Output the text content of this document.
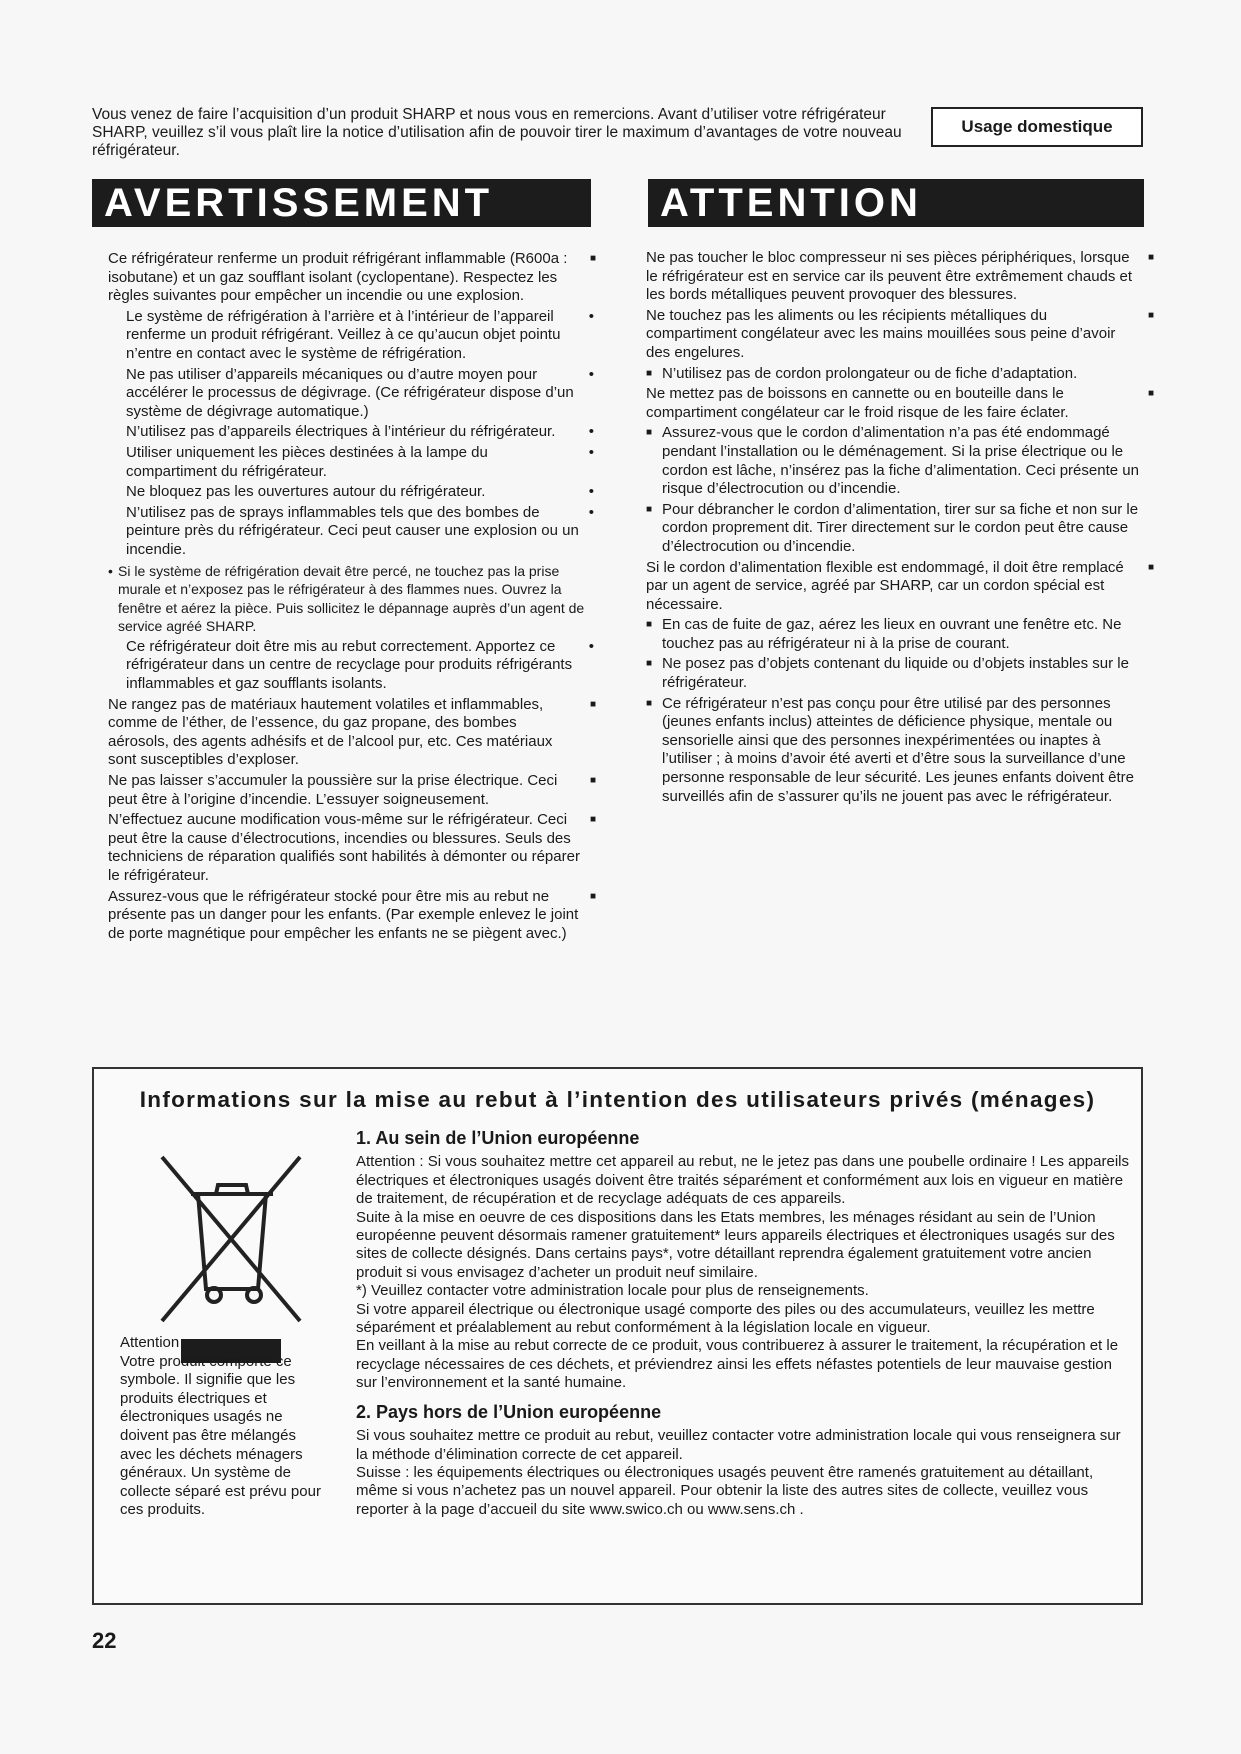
Vous venez de faire l’acquisition d’un produit SHARP et nous vous en remercions. Avant d’utiliser votre réfrigérateur SHARP, veuillez s’il vous plaît lire la notice d’utilisation afin de pouvoir tirer le maximum d’avantages de votre nouveau réfrigérateur.
Usage domestique
AVERTISSEMENT	ATTENTION
Ce réfrigérateur renferme un produit réfrigérant inflammable (R600a : isobutane) et un gaz soufflant isolant (cyclopentane). Respectez les règles suivantes pour empêcher un incendie ou une explosion. ■
Le système de réfrigération à l’arrière et à l’intérieur de l’appareil renferme un produit réfrigérant. Veillez à ce qu’aucun objet pointu n’entre en contact avec le système de réfrigération. •
Ne pas utiliser d’appareils mécaniques ou d’autre moyen pour accélérer le processus de dégivrage. (Ce réfrigérateur dispose d’un système de dégivrage automatique.) •
N’utilisez pas d’appareils électriques à l’intérieur du réfrigérateur. •
Utiliser uniquement les pièces destinées à la lampe du compartiment du réfrigérateur. •
Ne bloquez pas les ouvertures autour du réfrigérateur. •
N’utilisez pas de sprays inflammables tels que des bombes de peinture près du réfrigérateur. Ceci peut causer une explosion ou un incendie. •
• Si le système de réfrigération devait être percé, ne touchez pas la prise murale et n’exposez pas le réfrigérateur à des flammes nues. Ouvrez la fenêtre et aérez la pièce. Puis sollicitez le dépannage auprès d’un agent de service agréé SHARP.
Ce réfrigérateur doit être mis au rebut correctement. Apportez ce réfrigérateur dans un centre de recyclage pour produits réfrigérants inflammables et gaz soufflants isolants. •
Ne rangez pas de matériaux hautement volatiles et inflammables, comme de l’éther, de l’essence, du gaz propane, des bombes aérosols, des agents adhésifs et de l’alcool pur, etc. Ces matériaux sont susceptibles d’exploser. ■
Ne pas laisser s’accumuler la poussière sur la prise électrique. Ceci peut être à l’origine d’incendie. L’essuyer soigneusement. ■
N’effectuez aucune modification vous-même sur le réfrigérateur. Ceci peut être la cause d’électrocutions, incendies ou blessures. Seuls des techniciens de réparation qualifiés sont habilités à démonter ou réparer le réfrigérateur. ■
Assurez-vous que le réfrigérateur stocké pour être mis au rebut ne présente pas un danger pour les enfants. (Par exemple enlevez le joint de porte magnétique pour empêcher les enfants ne se piègent avec.) ■
Ne pas toucher le bloc compresseur ni ses pièces périphériques, lorsque le réfrigérateur est en service car ils peuvent être extrêmement chauds et les bords métalliques peuvent provoquer des blessures. ■
Ne touchez pas les aliments ou les récipients métalliques du compartiment congélateur avec les mains mouillées sous peine d’avoir des engelures. ■
■ N’utilisez pas de cordon prolongateur ou de fiche d’adaptation.
Ne mettez pas de boissons en cannette ou en bouteille dans le compartiment congélateur car le froid risque de les faire éclater. ■
■ Assurez-vous que le cordon d’alimentation n’a pas été endommagé pendant l’installation ou le déménagement. Si la prise électrique ou le cordon est lâche, n’insérez pas la fiche d’alimentation. Ceci présente un risque d’électrocution ou d’incendie.
■ Pour débrancher le cordon d’alimentation, tirer sur sa fiche et non sur le cordon proprement dit. Tirer directement sur le cordon peut être cause d’électrocution ou d’incendie.
Si le cordon d’alimentation flexible est endommagé, il doit être remplacé par un agent de service, agréé par SHARP, car un cordon spécial est nécessaire. ■
■ En cas de fuite de gaz, aérez les lieux en ouvrant une fenêtre etc. Ne touchez pas au réfrigérateur ni à la prise de courant.
■ Ne posez pas d’objets contenant du liquide ou d’objets instables sur le réfrigérateur.
■ Ce réfrigérateur n’est pas conçu pour être utilisé par des personnes (jeunes enfants inclus) atteintes de déficience physique, mentale ou sensorielle ainsi que des personnes inexpérimentées ou inaptes à l’utiliser ; à moins d’avoir été averti et d’être sous la surveillance d’une personne responsable de leur sécurité. Les jeunes enfants doivent être surveillés afin de s’assurer qu’ils ne jouent pas avec le réfrigérateur.
Informations sur la mise au rebut à l’intention des utilisateurs privés (ménages)
Attention :
Votre produit comporte ce symbole. Il signifie que les produits électriques et électroniques usagés ne doivent pas être mélangés avec les déchets ménagers généraux. Un système de collecte séparé est prévu pour ces produits.
1. Au sein de l’Union européenne

Attention : Si vous souhaitez mettre cet appareil au rebut, ne le jetez pas dans une poubelle ordinaire ! Les appareils électriques et électroniques usagés doivent être traités séparément et conformément aux lois en vigueur en matière de traitement, de récupération et de recyclage adéquats de ces appareils.

Suite à la mise en oeuvre de ces dispositions dans les Etats membres, les ménages résidant au sein de l’Union européenne peuvent désormais ramener gratuitement* leurs appareils électriques et électroniques usagés sur des sites de collecte désignés. Dans certains pays*, votre détaillant reprendra également gratuitement votre ancien produit si vous envisagez d’acheter un produit neuf similaire.

*) Veuillez contacter votre administration locale pour plus de renseignements.

Si votre appareil électrique ou électronique usagé comporte des piles ou des accumulateurs, veuillez les mettre séparément et préalablement au rebut conformément à la législation locale en vigueur.

En veillant à la mise au rebut correcte de ce produit, vous contribuerez à assurer le traitement, la récupération et le recyclage nécessaires de ces déchets, et préviendrez ainsi les effets néfastes potentiels de leur mauvaise gestion sur l’environnement et la santé humaine.

2. Pays hors de l’Union européenne

Si vous souhaitez mettre ce produit au rebut, veuillez contacter votre administration locale qui vous renseignera sur la méthode d’élimination correcte de cet appareil.

Suisse : les équipements électriques ou électroniques usagés peuvent être ramenés gratuitement au détaillant, même si vous n’achetez pas un nouvel appareil. Pour obtenir la liste des autres sites de collecte, veuillez vous reporter à la page d’accueil du site www.swico.ch ou www.sens.ch .

22
